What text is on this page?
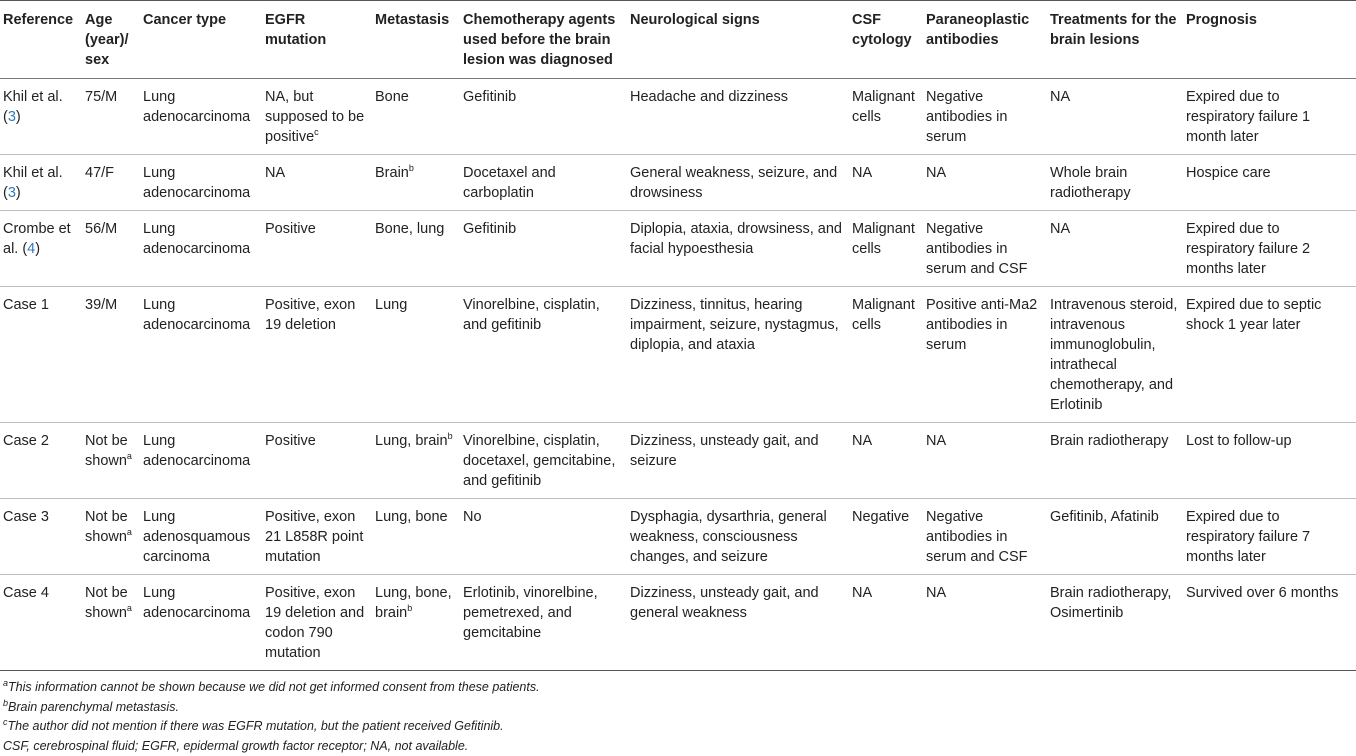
Reference	Age (year)/ sex	Cancer type	EGFR mutation	Metastasis	Chemotherapy agents used before the brain lesion was diagnosed	Neurological signs	CSF cytology	Paraneoplastic antibodies	Treatments for the brain lesions	Prognosis
Khil et al. (3)	75/M	Lung adenocarcinoma	NA, but supposed to be positive$^c$	Bone	Gefitinib	Headache and dizziness	Malignant cells	Negative antibodies in serum	NA	Expired due to respiratory failure 1 month later
Khil et al. (3)	47/F	Lung adenocarcinoma	NA	Brain$^b$	Docetaxel and carboplatin	General weakness, seizure, and drowsiness	NA	NA	Whole brain radiotherapy	Hospice care
Crombe et al. (4)	56/M	Lung adenocarcinoma	Positive	Bone, lung	Gefitinib	Diplopia, ataxia, drowsiness, and facial hypoesthesia	Malignant cells	Negative antibodies in serum and CSF	NA	Expired due to respiratory failure 2 months later
Case 1	39/M	Lung adenocarcinoma	Positive, exon 19 deletion	Lung	Vinorelbine, cisplatin, and gefitinib	Dizziness, tinnitus, hearing impairment, seizure, nystagmus, diplopia, and ataxia	Malignant cells	Positive anti-Ma2 antibodies in serum	Intravenous steroid, intravenous immunoglobulin, intrathecal chemotherapy, and Erlotinib	Expired due to septic shock 1 year later
Case 2	Not be shown$^a$	Lung adenocarcinoma	Positive	Lung, brain$^b$	Vinorelbine, cisplatin, docetaxel, gemcitabine, and gefitinib	Dizziness, unsteady gait, and seizure	NA	NA	Brain radiotherapy	Lost to follow-up
Case 3	Not be shown$^a$	Lung adenosquamous carcinoma	Positive, exon 21 L858R point mutation	Lung, bone	No	Dysphagia, dysarthria, general weakness, consciousness changes, and seizure	Negative	Negative antibodies in serum and CSF	Gefitinib, Afatinib	Expired due to respiratory failure 7 months later
Case 4	Not be shown$^a$	Lung adenocarcinoma	Positive, exon 19 deletion and codon 790 mutation	Lung, bone, brain$^b$	Erlotinib, vinorelbine, pemetrexed, and gemcitabine	Dizziness, unsteady gait, and general weakness	NA	NA	Brain radiotherapy, Osimertinib	Survived over 6 months
$^a$This information cannot be shown because we did not get informed consent from these patients.
$^b$Brain parenchymal metastasis.
$^c$The author did not mention if there was EGFR mutation, but the patient received Gefitinib.
CSF, cerebrospinal fluid; EGFR, epidermal growth factor receptor; NA, not available.
